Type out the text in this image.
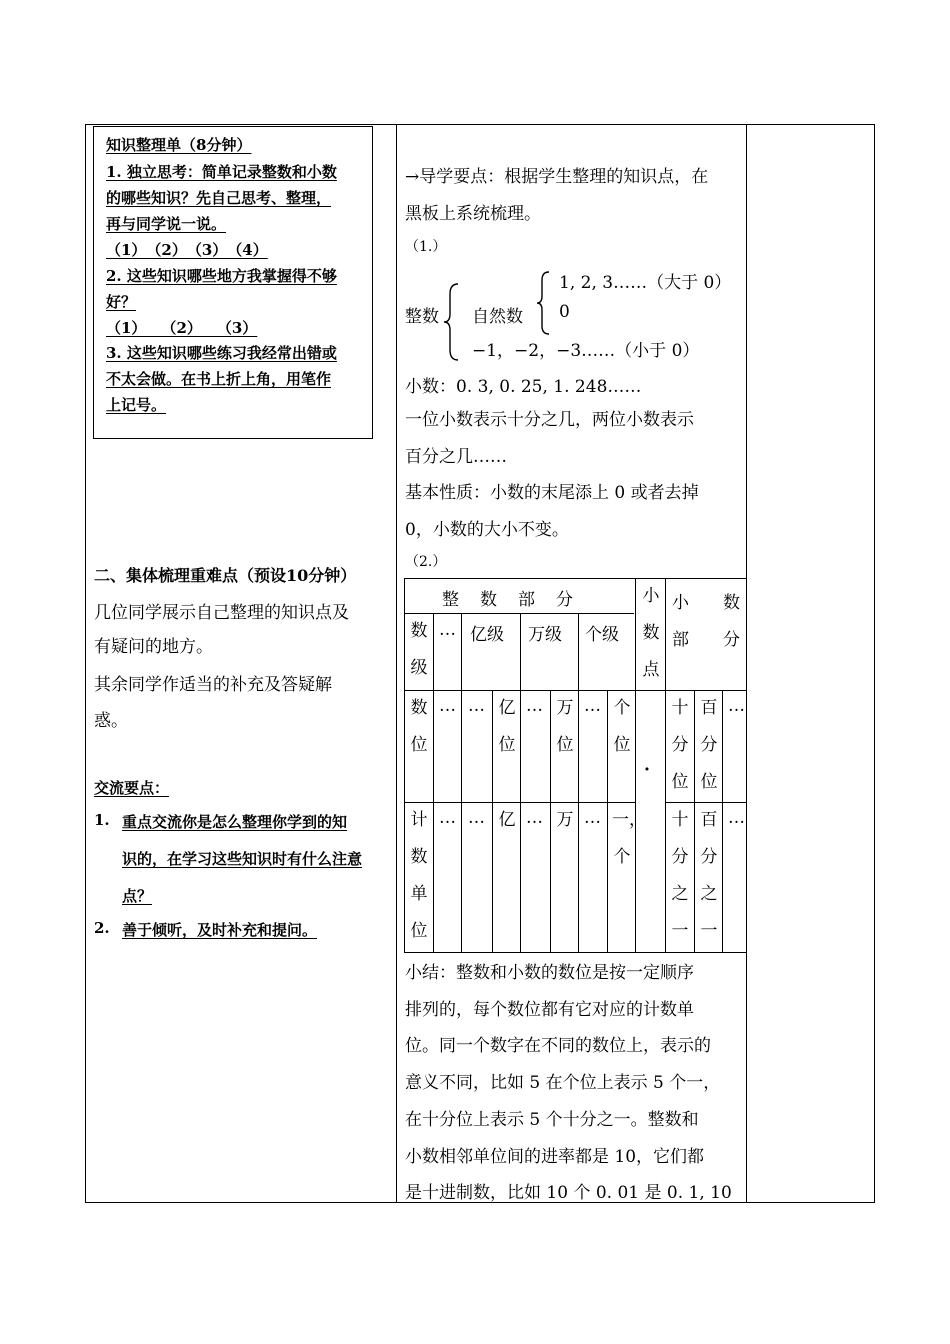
知识整理单（8分钟）
1. 独立思考：简单记录整数和小数
的哪些知识？先自己思考、整理，
再与同学说一说。
（1）　（2）　（3）　（4）
2. 这些知识哪些地方我掌握得不够
好？
（1）　　（2）　　（3）
3. 这些知识哪些练习我经常出错或
不太会做。在书上折上角，用笔作
上记号。
二、集体梳理重难点（预设10分钟）
几位同学展示自己整理的知识点及
有疑问的地方。
其余同学作适当的补充及答疑解
惑。
交流要点：
1. 重点交流你是怎么整理你学到的知
识的，在学习这些知识时有什么注意
点？
2. 善于倾听，及时补充和提问。
→导学要点：根据学生整理的知识点，在
黑板上系统梳理。
（1.）
整数 自然数
1, 2, 3……（大于 0）
0
−1，−2，−3……（小于 0）
小数：0. 3, 0. 25, 1. 248……
一位小数表示十分之几，两位小数表示
百分之几……
基本性质：小数的末尾添上 0 或者去掉
0，小数的大小不变。
（2.）
整　数　部　分	小数点
小　　数部　　分
数级
… 亿级 万级 个级
数位
… … 亿位
… 万位
… 个位
·
十分位
百分位
…
计数单位
… … 亿 … 万 … 一，个
十分之一
百分之一
…
小结：整数和小数的数位是按一定顺序
排列的，每个数位都有它对应的计数单
位。同一个数字在不同的数位上，表示的
意义不同，比如 5 在个位上表示 5 个一，
在十分位上表示 5 个十分之一。整数和
小数相邻单位间的进率都是 10，它们都
是十进制数，比如 10 个 0. 01 是 0. 1, 10
